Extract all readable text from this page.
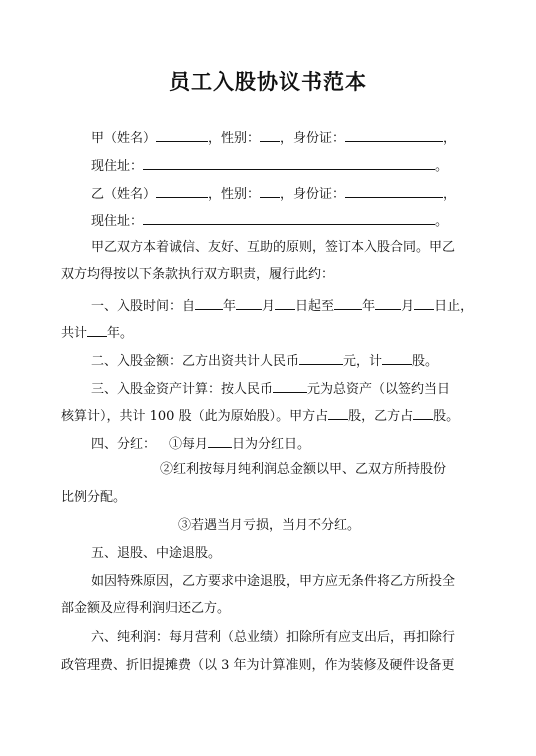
员工入股协议书范本
甲（姓名）	，性别： ，身份证：	，
现住址：	。
乙（姓名）	，性别： ，身份证：	，
现住址：	。
甲乙双方本着诚信、友好、互助的原则，签订本入股合同。甲乙
双方均得按以下条款执行双方职责，履行此约：
一、入股时间：自 年 月 日起至 年 月 日止，
共计 年。
二、入股金额：乙方出资共计人民币	元，计 股。
三、入股金资产计算：按人民币	元为总资产（以签约当日
核算计），共计 100 股（此为原始股）。甲方占 股，乙方占 股。
四、分红： ①每月 日为分红日。
②红利按每月纯利润总金额以甲、乙双方所持股份
比例分配。
③若遇当月亏损，当月不分红。
五、退股、中途退股。
如因特殊原因，乙方要求中途退股，甲方应无条件将乙方所投全
部金额及应得利润归还乙方。
六、纯利润：每月营利（总业绩）扣除所有应支出后，再扣除行
政管理费、折旧提摊费（以 3 年为计算准则，作为装修及硬件设备更
